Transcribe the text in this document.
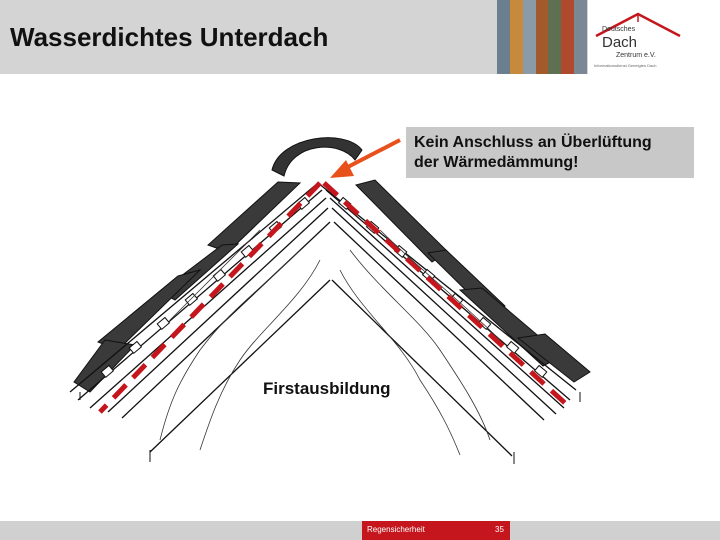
Wasserdichtes Unterdach	Deutsches
Dach
Zentrum e.V.
Informationsdienst Geneigtes Dach
Kein Anschluss an Überlüftung
der Wärmedämmung!
Firstausbildung
Regensicherheit	35
